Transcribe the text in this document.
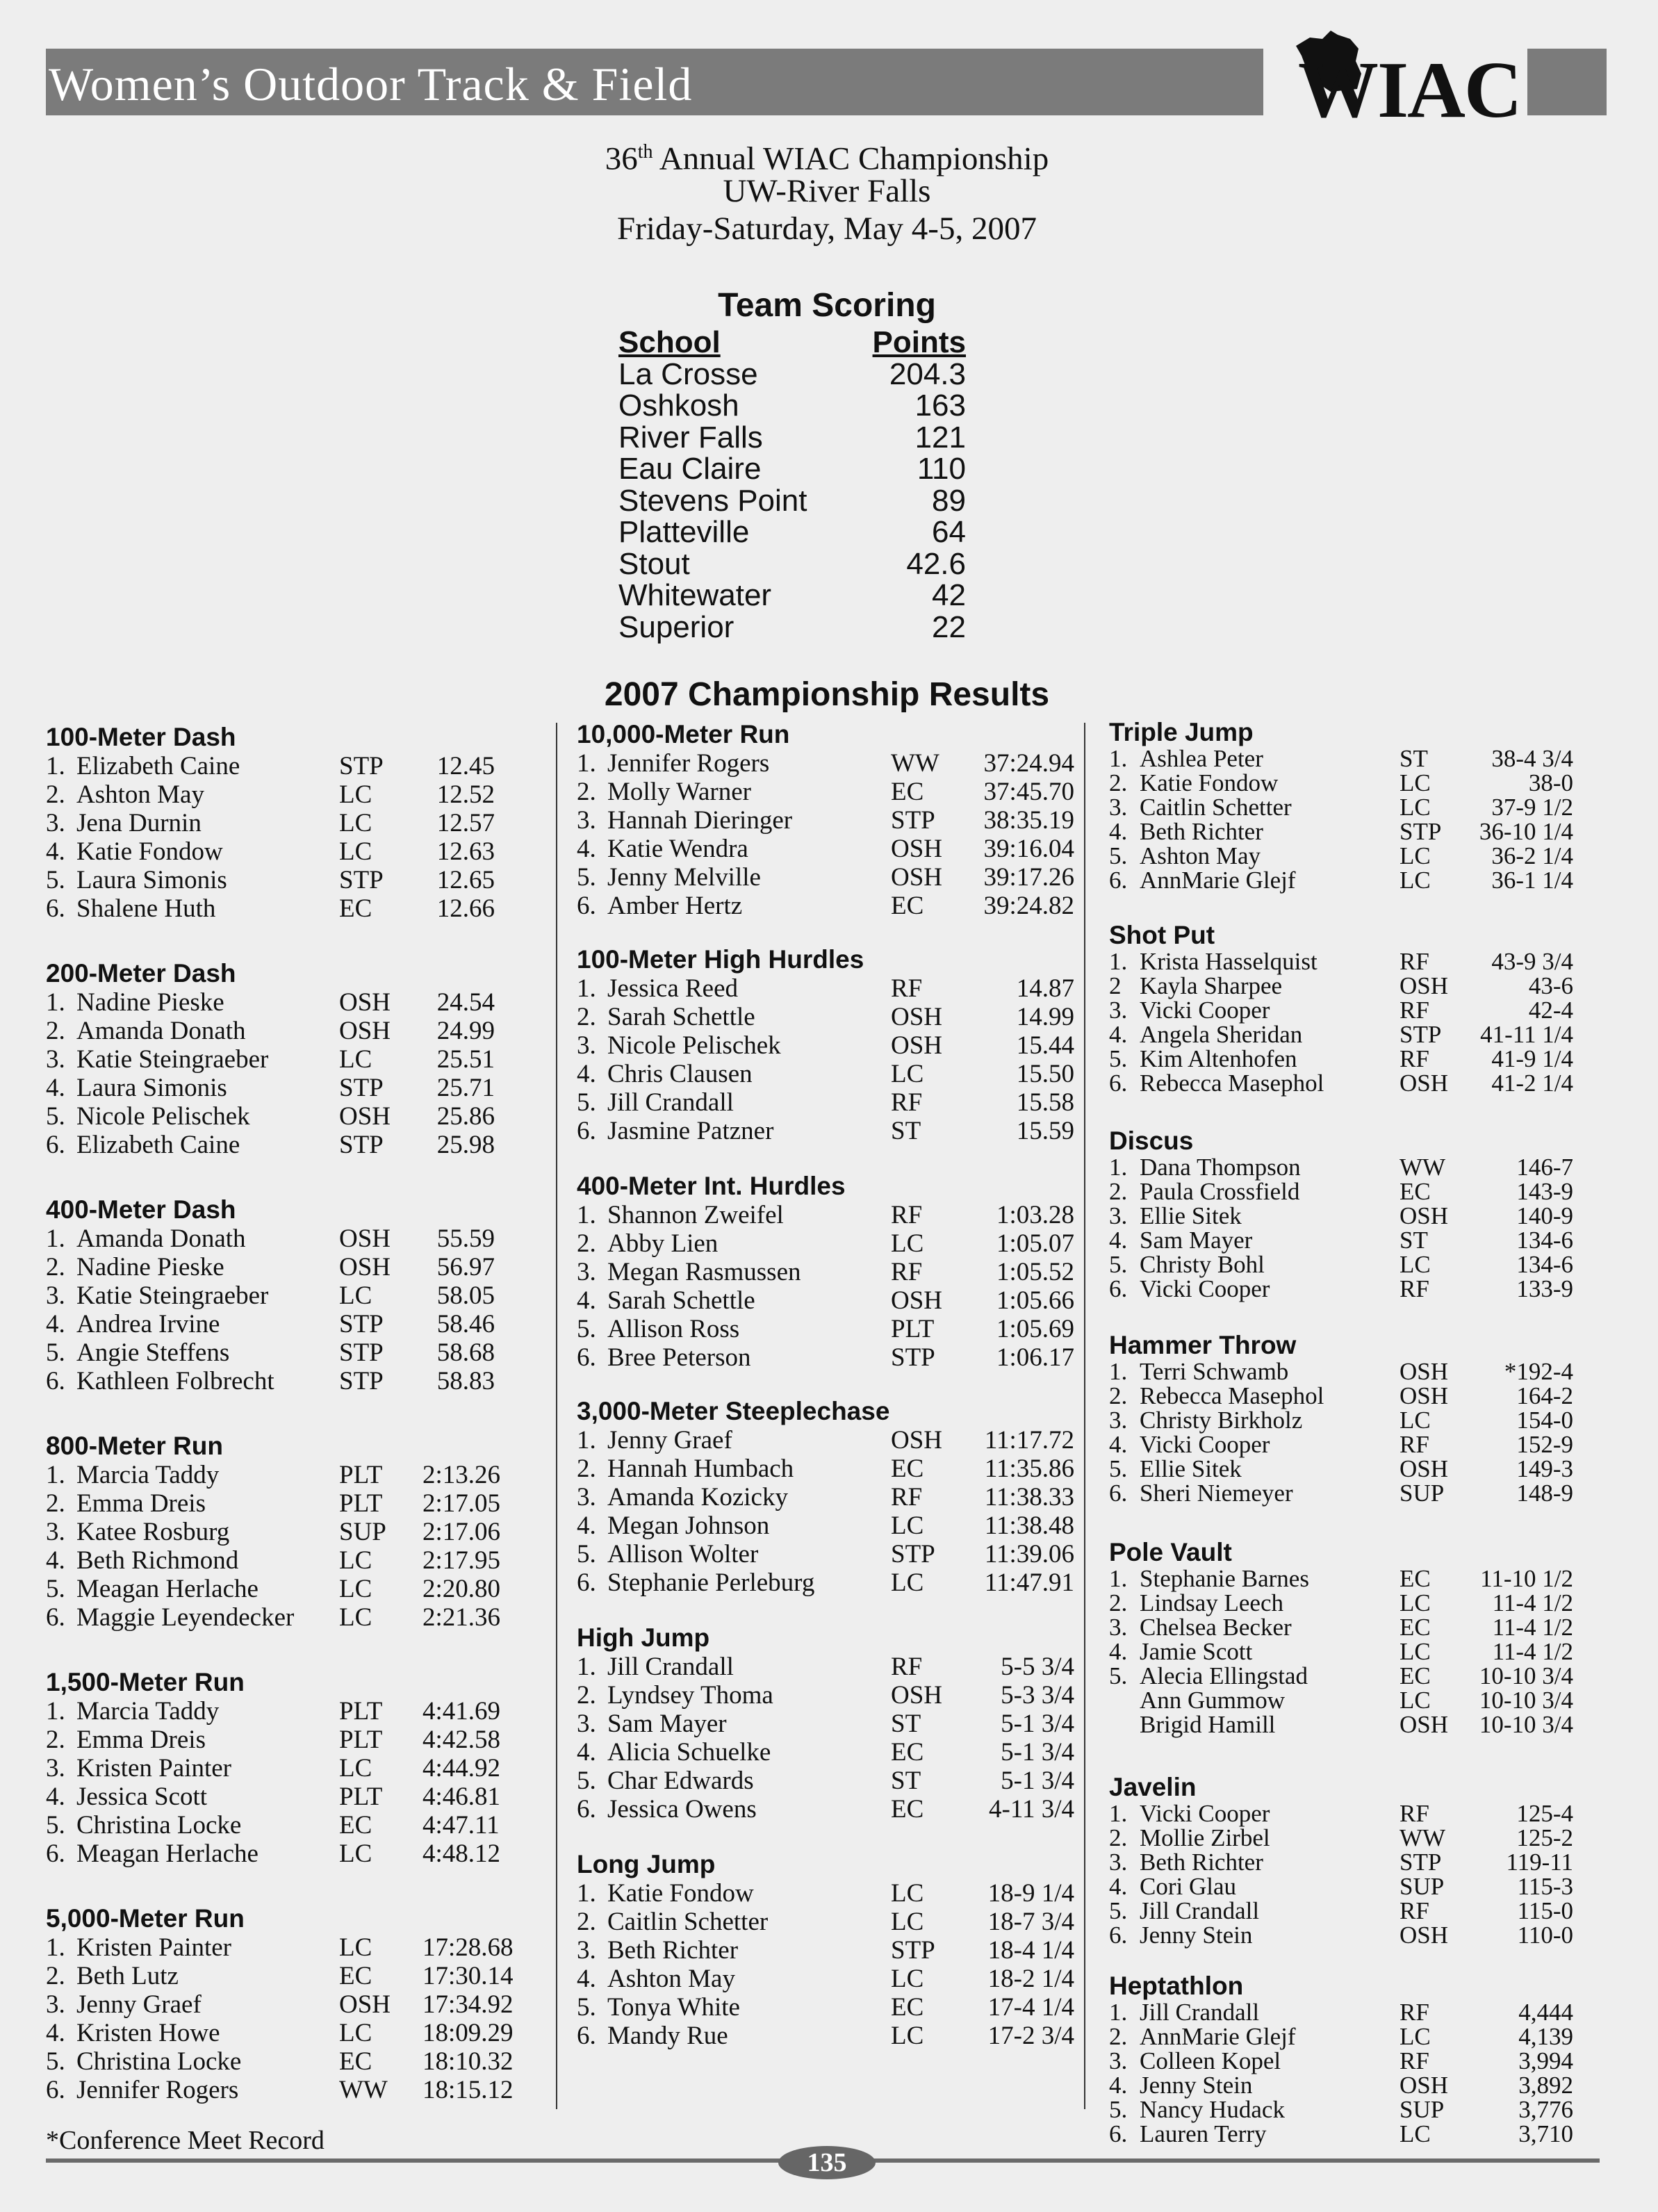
Women’s Outdoor Track & Field	WIAC
36th Annual WIAC Championship
UW-River Falls
Friday-Saturday, May 4-5, 2007
Team Scoring
School	Points
La Crosse	204.3
Oshkosh	163
River Falls	121
Eau Claire	110
Stevens Point	89
Platteville	64
Stout	42.6
Whitewater	42
Superior	22
2007 Championship Results
100-Meter Dash
1. Elizabeth Caine	STP	12.45
2. Ashton May	LC	12.52
3. Jena Durnin	LC	12.57
4. Katie Fondow	LC	12.63
5. Laura Simonis	STP	12.65
6. Shalene Huth	EC	12.66
200-Meter Dash
1. Nadine Pieske	OSH	24.54
2. Amanda Donath	OSH	24.99
3. Katie Steingraeber	LC	25.51
4. Laura Simonis	STP	25.71
5. Nicole Pelischek	OSH	25.86
6. Elizabeth Caine	STP	25.98
400-Meter Dash
1. Amanda Donath	OSH	55.59
2. Nadine Pieske	OSH	56.97
3. Katie Steingraeber	LC	58.05
4. Andrea Irvine	STP	58.46
5. Angie Steffens	STP	58.68
6. Kathleen Folbrecht	STP	58.83
800-Meter Run
1. Marcia Taddy	PLT	2:13.26
2. Emma Dreis	PLT	2:17.05
3. Katee Rosburg	SUP	2:17.06
4. Beth Richmond	LC	2:17.95
5. Meagan Herlache	LC	2:20.80
6. Maggie Leyendecker	LC	2:21.36
1,500-Meter Run
1. Marcia Taddy	PLT	4:41.69
2. Emma Dreis	PLT	4:42.58
3. Kristen Painter	LC	4:44.92
4. Jessica Scott	PLT	4:46.81
5. Christina Locke	EC	4:47.11
6. Meagan Herlache	LC	4:48.12
5,000-Meter Run
1. Kristen Painter	LC	17:28.68
2. Beth Lutz	EC	17:30.14
3. Jenny Graef	OSH	17:34.92
4. Kristen Howe	LC	18:09.29
5. Christina Locke	EC	18:10.32
6. Jennifer Rogers	WW	18:15.12
10,000-Meter Run
1. Jennifer Rogers	WW	37:24.94
2. Molly Warner	EC	37:45.70
3. Hannah Dieringer	STP	38:35.19
4. Katie Wendra	OSH	39:16.04
5. Jenny Melville	OSH	39:17.26
6. Amber Hertz	EC	39:24.82
100-Meter High Hurdles
1. Jessica Reed	RF	14.87
2. Sarah Schettle	OSH	14.99
3. Nicole Pelischek	OSH	15.44
4. Chris Clausen	LC	15.50
5. Jill Crandall	RF	15.58
6. Jasmine Patzner	ST	15.59
400-Meter Int. Hurdles
1. Shannon Zweifel	RF	1:03.28
2. Abby Lien	LC	1:05.07
3. Megan Rasmussen	RF	1:05.52
4. Sarah Schettle	OSH	1:05.66
5. Allison Ross	PLT	1:05.69
6. Bree Peterson	STP	1:06.17
3,000-Meter Steeplechase
1. Jenny Graef	OSH	11:17.72
2. Hannah Humbach	EC	11:35.86
3. Amanda Kozicky	RF	11:38.33
4. Megan Johnson	LC	11:38.48
5. Allison Wolter	STP	11:39.06
6. Stephanie Perleburg	LC	11:47.91
High Jump
1. Jill Crandall	RF	5-5 3/4
2. Lyndsey Thoma	OSH	5-3 3/4
3. Sam Mayer	ST	5-1 3/4
4. Alicia Schuelke	EC	5-1 3/4
5. Char Edwards	ST	5-1 3/4
6. Jessica Owens	EC	4-11 3/4
Long Jump
1. Katie Fondow	LC	18-9 1/4
2. Caitlin Schetter	LC	18-7 3/4
3. Beth Richter	STP	18-4 1/4
4. Ashton May	LC	18-2 1/4
5. Tonya White	EC	17-4 1/4
6. Mandy Rue	LC	17-2 3/4
Triple Jump
1. Ashlea Peter	ST	38-4 3/4
2. Katie Fondow	LC	38-0
3. Caitlin Schetter	LC	37-9 1/2
4. Beth Richter	STP	36-10 1/4
5. Ashton May	LC	36-2 1/4
6. AnnMarie Glejf	LC	36-1 1/4
Shot Put
1. Krista Hasselquist	RF	43-9 3/4
2 Kayla Sharpee	OSH	43-6
3. Vicki Cooper	RF	42-4
4. Angela Sheridan	STP	41-11 1/4
5. Kim Altenhofen	RF	41-9 1/4
6. Rebecca Masephol	OSH	41-2 1/4
Discus
1. Dana Thompson	WW	146-7
2. Paula Crossfield	EC	143-9
3. Ellie Sitek	OSH	140-9
4. Sam Mayer	ST	134-6
5. Christy Bohl	LC	134-6
6. Vicki Cooper	RF	133-9
Hammer Throw
1. Terri Schwamb	OSH	*192-4
2. Rebecca Masephol	OSH	164-2
3. Christy Birkholz	LC	154-0
4. Vicki Cooper	RF	152-9
5. Ellie Sitek	OSH	149-3
6. Sheri Niemeyer	SUP	148-9
Pole Vault
1. Stephanie Barnes	EC	11-10 1/2
2. Lindsay Leech	LC	11-4 1/2
3. Chelsea Becker	EC	11-4 1/2
4. Jamie Scott	LC	11-4 1/2
5. Alecia Ellingstad	EC	10-10 3/4
Ann Gummow	LC	10-10 3/4
Brigid Hamill	OSH	10-10 3/4
Javelin
1. Vicki Cooper	RF	125-4
2. Mollie Zirbel	WW	125-2
3. Beth Richter	STP	119-11
4. Cori Glau	SUP	115-3
5. Jill Crandall	RF	115-0
6. Jenny Stein	OSH	110-0
Heptathlon
1. Jill Crandall	RF	4,444
2. AnnMarie Glejf	LC	4,139
3. Colleen Kopel	RF	3,994
4. Jenny Stein	OSH	3,892
5. Nancy Hudack	SUP	3,776
6. Lauren Terry	LC	3,710
*Conference Meet Record
135
